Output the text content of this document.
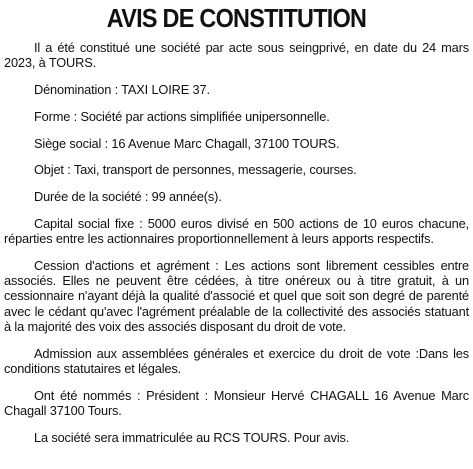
AVIS DE CONSTITUTION

Il a été constitué une société par acte sous seingprivé, en date du 24 mars 2023, à TOURS.

Dénomination : TAXI LOIRE 37.

Forme : Société par actions simplifiée unipersonnelle.

Siège social : 16 Avenue Marc Chagall, 37100 TOURS.

Objet : Taxi, transport de personnes, messagerie, courses.

Durée de la société : 99 année(s).

Capital social fixe : 5000 euros divisé en 500 actions de 10 euros chacune, réparties entre les actionnaires proportionnellement à leurs apports respectifs.

Cession d'actions et agrément : Les actions sont librement cessibles entre associés. Elles ne peuvent être cédées, à titre onéreux ou à titre gratuit, à un cessionnaire n'ayant déjà la qualité d'associé et quel que soit son degré de parenté avec le cédant qu'avec l'agrément préalable de la collectivité des associés statuant à la majorité des voix des associés disposant du droit de vote.

Admission aux assemblées générales et exercice du droit de vote :Dans les conditions statutaires et légales.

Ont été nommés : Président : Monsieur Hervé CHAGALL 16 Avenue Marc Chagall 37100 Tours.

La société sera immatriculée au RCS TOURS. Pour avis.
